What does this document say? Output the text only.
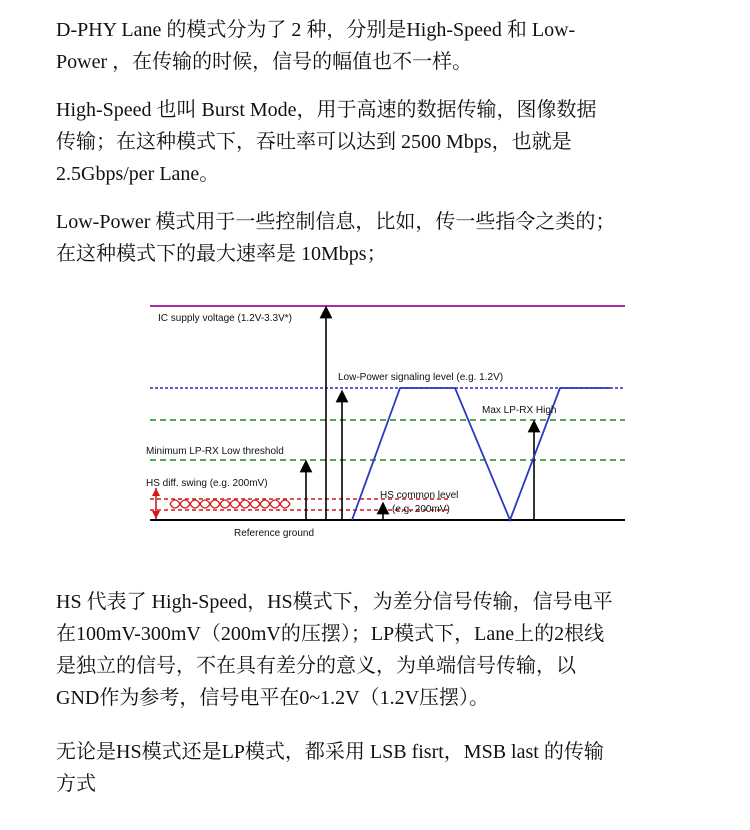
D-PHY Lane 的模式分为了 2 种，分别是High-Speed 和 Low-
Power ，在传输的时候，信号的幅值也不一样。

High-Speed 也叫 Burst Mode，用于高速的数据传输，图像数据
传输；在这种模式下，吞吐率可以达到 2500 Mbps，也就是
2.5Gbps/per Lane。

Low-Power 模式用于一些控制信息，比如，传一些指令之类的；
在这种模式下的最大速率是 10Mbps；

IC supply voltage (1.2V-3.3V*)
Low-Power signaling level (e.g. 1.2V)
Max LP-RX High
Minimum LP-RX Low threshold
HS diff. swing (e.g. 200mV)
HS common level
(e.g. 200mV)
Reference ground

HS 代表了 High-Speed，HS模式下，为差分信号传输，信号电平
在100mV-300mV（200mV的压摆）；LP模式下，Lane上的2根线
是独立的信号，不在具有差分的意义，为单端信号传输，以
GND作为参考，信号电平在0~1.2V（1.2V压摆）。

无论是HS模式还是LP模式，都采用 LSB fisrt，MSB last 的传输
方式
